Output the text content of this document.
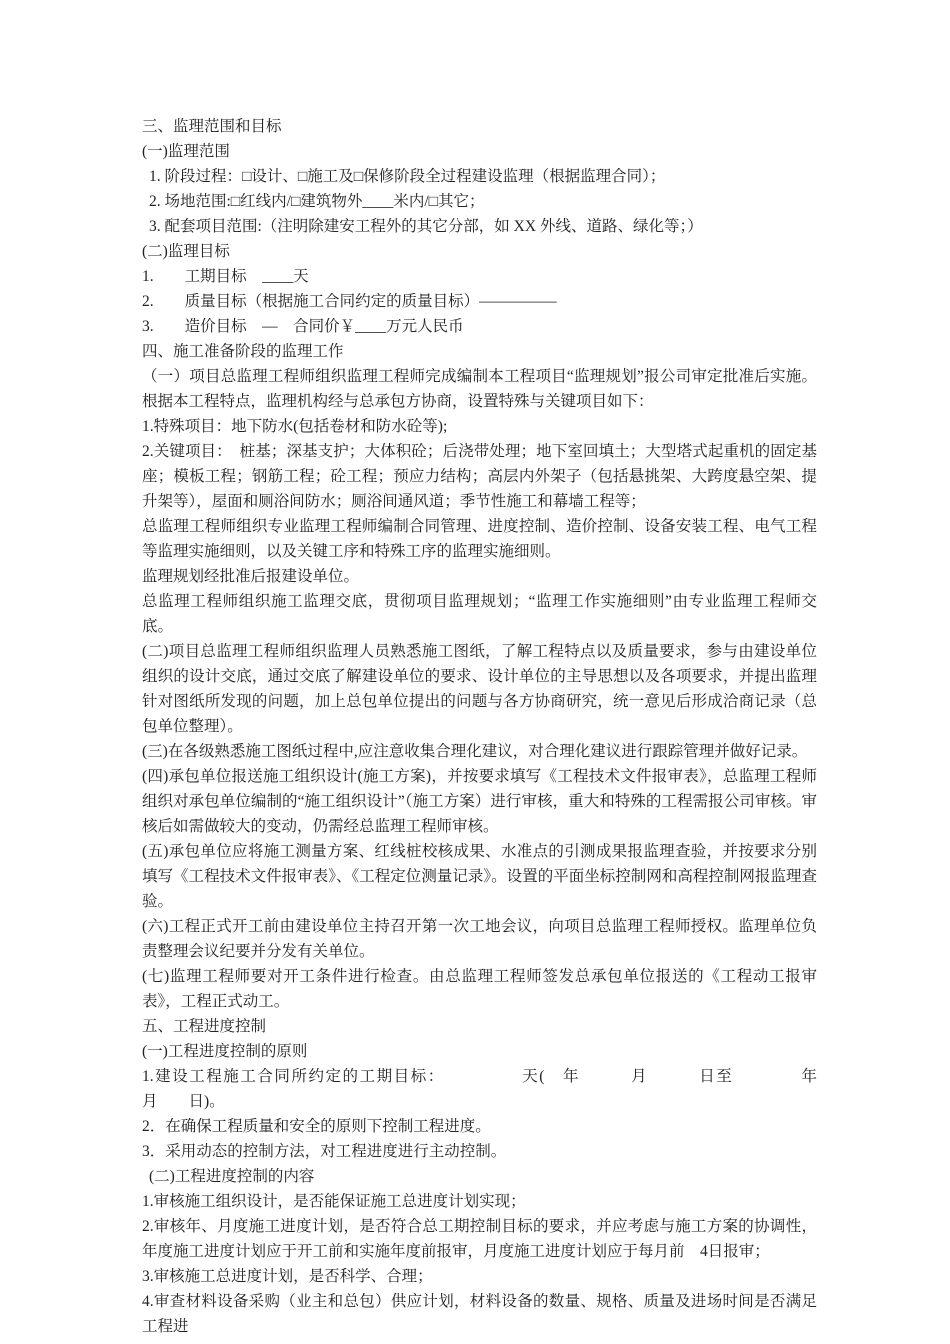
三、监理范围和目标

(一)监理范围

1. 阶段过程：□设计、□施工及□保修阶段全过程建设监理（根据监理合同）；

2. 场地范围:□红线内/□建筑物外____米内/□其它；

3. 配套项目范围:（注明除建安工程外的其它分部，如 XX 外线、道路、绿化等；）

(二)监理目标

1.　　工期目标　____天

2.　　质量目标（根据施工合同约定的质量目标）—————

3.　　造价目标　—　合同价￥____万元人民币

四、施工准备阶段的监理工作

（一）项目总监理工程师组织监理工程师完成编制本工程项目“监理规划”报公司审定批准后实施。根据本工程特点，监理机构经与总承包方协商，设置特殊与关键项目如下：

1.特殊项目：地下防水(包括卷材和防水砼等);

2.关键项目：　桩基；深基支护；大体积砼；后浇带处理；地下室回填土；大型塔式起重机的固定基座；模板工程；钢筋工程；砼工程；预应力结构；高层内外架子（包括悬挑架、大跨度悬空架、提升架等），屋面和厕浴间防水；厕浴间通风道；季节性施工和幕墙工程等；

总监理工程师组织专业监理工程师编制合同管理、进度控制、造价控制、设备安装工程、电气工程等监理实施细则，以及关键工序和特殊工序的监理实施细则。

监理规划经批准后报建设单位。

总监理工程师组织施工监理交底，贯彻项目监理规划；“监理工作实施细则”由专业监理工程师交底。

(二)项目总监理工程师组织监理人员熟悉施工图纸，了解工程特点以及质量要求，参与由建设单位组织的设计交底，通过交底了解建设单位的要求、设计单位的主导思想以及各项要求，并提出监理针对图纸所发现的问题，加上总包单位提出的问题与各方协商研究，统一意见后形成洽商记录（总包单位整理）。

(三)在各级熟悉施工图纸过程中,应注意收集合理化建议，对合理化建议进行跟踪管理并做好记录。

(四)承包单位报送施工组织设计(施工方案)，并按要求填写《工程技术文件报审表》，总监理工程师组织对承包单位编制的“施工组织设计”（施工方案）进行审核，重大和特殊的工程需报公司审核。审核后如需做较大的变动，仍需经总监理工程师审核。

(五)承包单位应将施工测量方案、红线桩校核成果、水准点的引测成果报监理查验，并按要求分别填写《工程技术文件报审表》、《工程定位测量记录》。设置的平面坐标控制网和高程控制网报监理查验。

(六)工程正式开工前由建设单位主持召开第一次工地会议，向项目总监理工程师授权。监理单位负责整理会议纪要并分发有关单位。

(七)监理工程师要对开工条件进行检查。由总监理工程师签发总承包单位报送的《工程动工报审表》，工程正式动工。

五、工程进度控制

(一)工程进度控制的原则

1.建设工程施工合同所约定的工期目标：　　　　　天(　年　　　月　　　日至　　　　年　　　月　　日)。

2．在确保工程质量和安全的原则下控制工程进度。

3．采用动态的控制方法，对工程进度进行主动控制。

(二)工程进度控制的内容

1.审核施工组织设计，是否能保证施工总进度计划实现；

2.审核年、月度施工进度计划，是否符合总工期控制目标的要求，并应考虑与施工方案的协调性，年度施工进度计划应于开工前和实施年度前报审，月度施工进度计划应于每月前　4日报审；

3.审核施工总进度计划，是否科学、合理；

4.审查材料设备采购（业主和总包）供应计划，材料设备的数量、规格、质量及进场时间是否满足工程进
